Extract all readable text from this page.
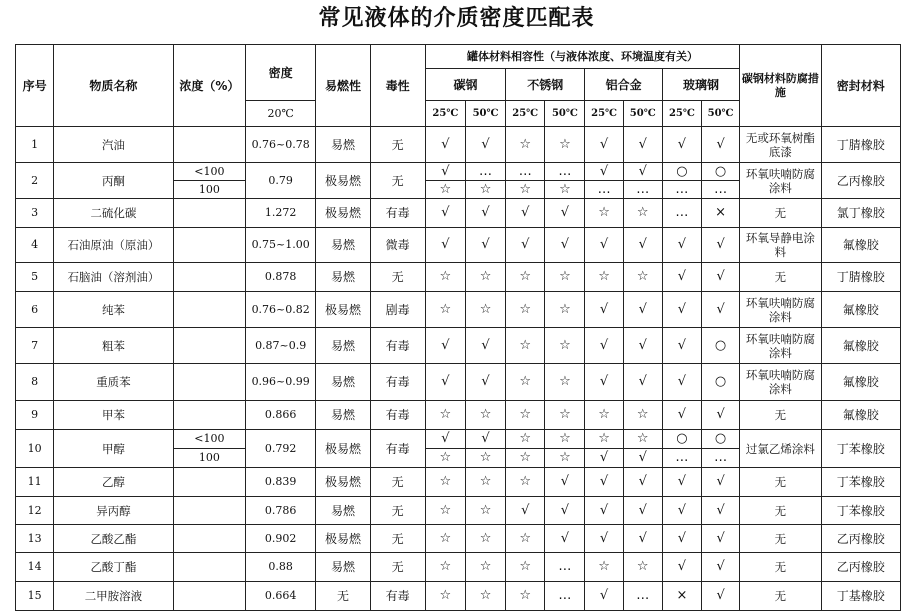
常见液体的介质密度匹配表
序号	物质名称	浓度（%）	密度	易燃性	毒性	罐体材料相容性（与液体浓度、环境温度有关）								碳钢材料防腐措施	密封材料
						碳钢		不锈钢		铝合金		玻璃钢			
			20℃			25℃	50℃	25℃	50℃	25℃	50℃	25℃	50℃		
1	汽油		0.76~0.78	易燃	无	√	√	☆	☆	√	√	√	√	无或环氧树酯底漆	丁腈橡胶
2	丙酮	<100	0.79	极易燃	无	√	…	…	…	√	√	○	○	环氧呋喃防腐涂料	乙丙橡胶
		100				☆	☆	☆	☆	…	…	…	…		
3	二硫化碳		1.272	极易燃	有毒	√	√	√	√	☆	☆	…	×	无	氯丁橡胶
4	石油原油（原油）		0.75~1.00	易燃	微毒	√	√	√	√	√	√	√	√	环氧导静电涂料	氟橡胶
5	石脑油（溶剂油）		0.878	易燃	无	☆	☆	☆	☆	☆	☆	√	√	无	丁腈橡胶
6	纯苯		0.76~0.82	极易燃	剧毒	☆	☆	☆	☆	√	√	√	√	环氧呋喃防腐涂料	氟橡胶
7	粗苯		0.87~0.9	易燃	有毒	√	√	☆	☆	√	√	√	○	环氧呋喃防腐涂料	氟橡胶
8	重质苯		0.96~0.99	易燃	有毒	√	√	☆	☆	√	√	√	○	环氧呋喃防腐涂料	氟橡胶
9	甲苯		0.866	易燃	有毒	☆	☆	☆	☆	☆	☆	√	√	无	氟橡胶
10	甲醇	<100	0.792	极易燃	有毒	√	√	☆	☆	☆	☆	○	○	过氯乙烯涂料	丁苯橡胶
		100				☆	☆	☆	☆	√	√	…	…		
11	乙醇		0.839	极易燃	无	☆	☆	☆	√	√	√	√	√	无	丁苯橡胶
12	异丙醇		0.786	易燃	无	☆	☆	√	√	√	√	√	√	无	丁苯橡胶
13	乙酸乙酯		0.902	极易燃	无	☆	☆	☆	√	√	√	√	√	无	乙丙橡胶
14	乙酸丁酯		0.88	易燃	无	☆	☆	☆	…	☆	☆	√	√	无	乙丙橡胶
15	二甲胺溶液		0.664	无	有毒	☆	☆	☆	…	√	…	×	√	无	丁基橡胶
